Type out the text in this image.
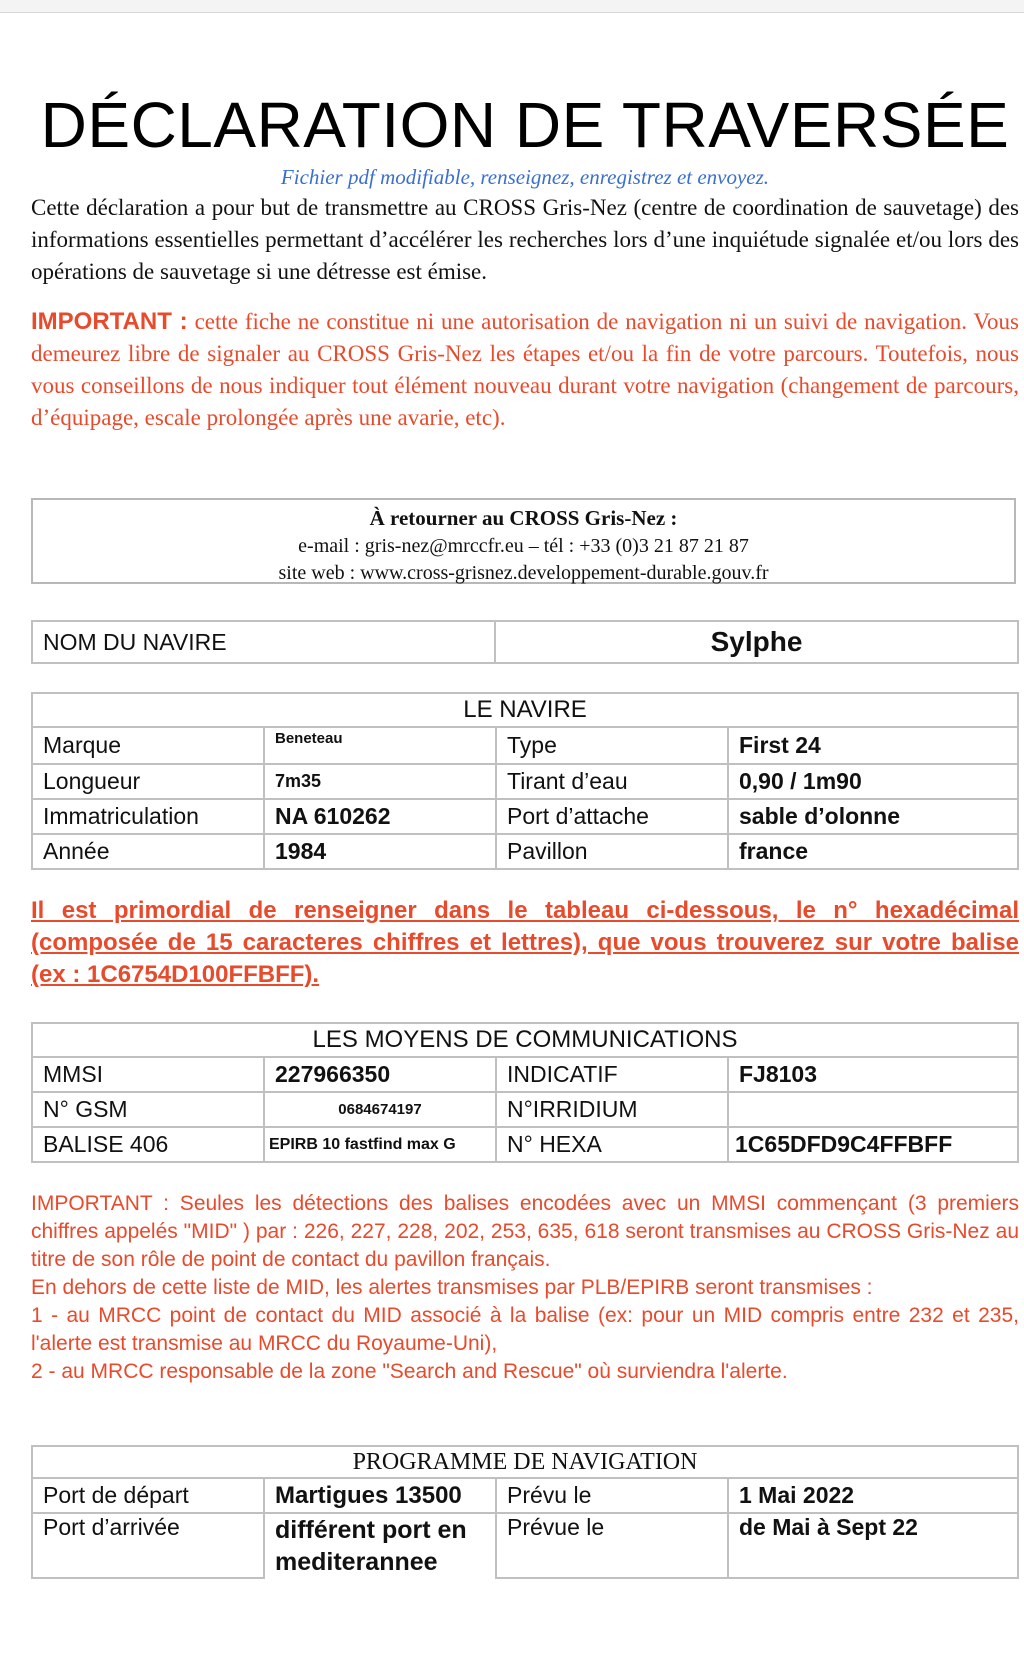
DÉCLARATION DE TRAVERSÉE
Fichier pdf modifiable, renseignez, enregistrez et envoyez.

Cette déclaration a pour but de transmettre au CROSS Gris-Nez (centre de coordination de sauvetage) des informations essentielles permettant d’accélérer les recherches lors d’une inquiétude signalée et/ou lors des opérations de sauvetage si une détresse est émise.

IMPORTANT : cette fiche ne constitue ni une autorisation de navigation ni un suivi de navigation. Vous demeurez libre de signaler au CROSS Gris-Nez les étapes et/ou la fin de votre parcours. Toutefois, nous vous conseillons de nous indiquer tout élément nouveau durant votre navigation (changement de parcours, d’équipage, escale prolongée après une avarie, etc).

À retourner au CROSS Gris-Nez :
e-mail : gris-nez@mrccfr.eu – tél : +33 (0)3 21 87 21 87
site web : www.cross-grisnez.developpement-durable.gouv.fr
NOM DU NAVIRE	Sylphe
LE NAVIRE			
Marque	Beneteau	Type	First 24
Longueur	7m35	Tirant d’eau	0,90 / 1m90
Immatriculation	NA 610262	Port d’attache	sable d’olonne
Année	1984	Pavillon	france

Il est primordial de renseigner dans le tableau ci-dessous, le n° hexadécimal (composée de 15 caracteres chiffres et lettres), que vous trouverez sur votre balise (ex : 1C6754D100FFBFF).

LES MOYENS DE COMMUNICATIONS			
MMSI	227966350	INDICATIF	FJ8103
N° GSM	0684674197	N°IRRIDIUM	
BALISE 406	EPIRB 10 fastfind max G	N° HEXA	1C65DFD9C4FFBFF

IMPORTANT : Seules les détections des balises encodées avec un MMSI commençant (3 premiers chiffres appelés "MID" ) par : 226, 227, 228, 202, 253, 635, 618 seront transmises au CROSS Gris-Nez au titre de son rôle de point de contact du pavillon français.

En dehors de cette liste de MID, les alertes transmises par PLB/EPIRB seront transmises :

1 - au MRCC point de contact du MID associé à la balise (ex: pour un MID compris entre 232 et 235, l'alerte est transmise au MRCC du Royaume-Uni),

2 - au MRCC responsable de la zone "Search and Rescue" où surviendra l'alerte.

PROGRAMME DE NAVIGATION			
Port de départ	Martigues 13500	Prévu le	1 Mai 2022
Port d’arrivée	différent port en mediterannee	Prévue le	de Mai à Sept 22
